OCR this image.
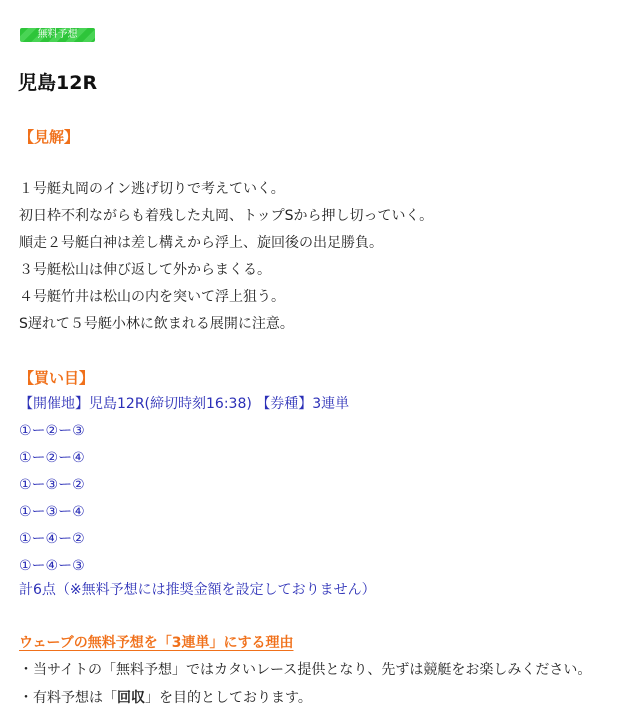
無料予想
児島12R
【見解】
１号艇丸岡のイン逃げ切りで考えていく。
初日枠不利ながらも着残した丸岡、トップSから押し切っていく。
順走２号艇白神は差し構えから浮上、旋回後の出足勝負。
３号艇松山は伸び返して外からまくる。
４号艇竹井は松山の内を突いて浮上狙う。
S遅れて５号艇小林に飲まれる展開に注意。
【買い目】
【開催地】児島12R(締切時刻16:38) 【券種】3連単
①ー②ー③
①ー②ー④
①ー③ー②
①ー③ー④
①ー④ー②
①ー④ー③
計6点（※無料予想には推奨金額を設定しておりません）
ウェーブの無料予想を「3連単」にする理由
・当サイトの「無料予想」ではカタいレース提供となり、先ずは競艇をお楽しみください。
・有料予想は「回収」を目的としております。
